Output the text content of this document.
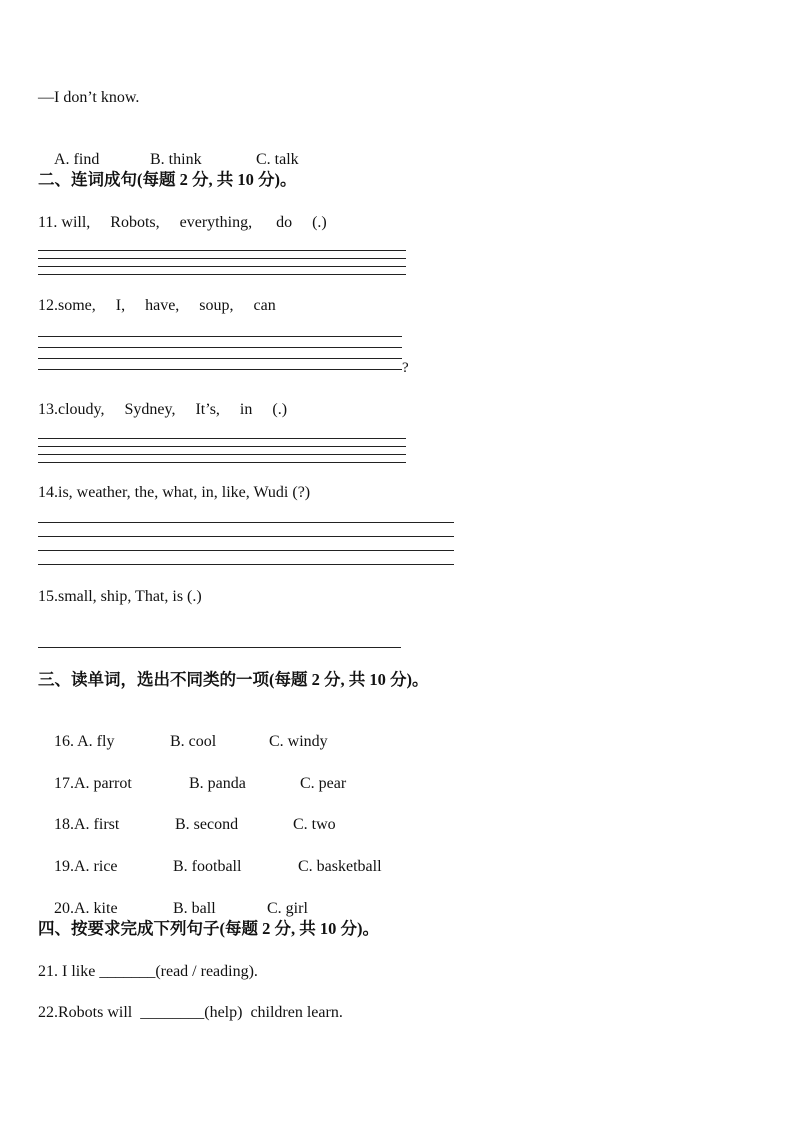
—I don’t know.

A. find	B. think	C. talk

二、连词成句(每题 2 分, 共 10 分)。
11. will,     Robots,     everything,      do     (.)
12.some,     I,     have,     soup,     can
?
13.cloudy,     Sydney,     It’s,     in     (.)
14.is, weather, the, what, in, like, Wudi (?)
15.small, ship, That, is (.)
三、读单词，选出不同类的一项(每题 2 分, 共 10 分)。

16. A. fly	B. cool	C. windy

17.A. parrot	B. panda	C. pear

18.A. first	B. second	C. two

19.A. rice	B. football	C. basketball

20.A. kite	B. ball	C. girl

四、按要求完成下列句子(每题 2 分, 共 10 分)。
21. I like _______(read / reading).
22.Robots will  ________(help)  children learn.
